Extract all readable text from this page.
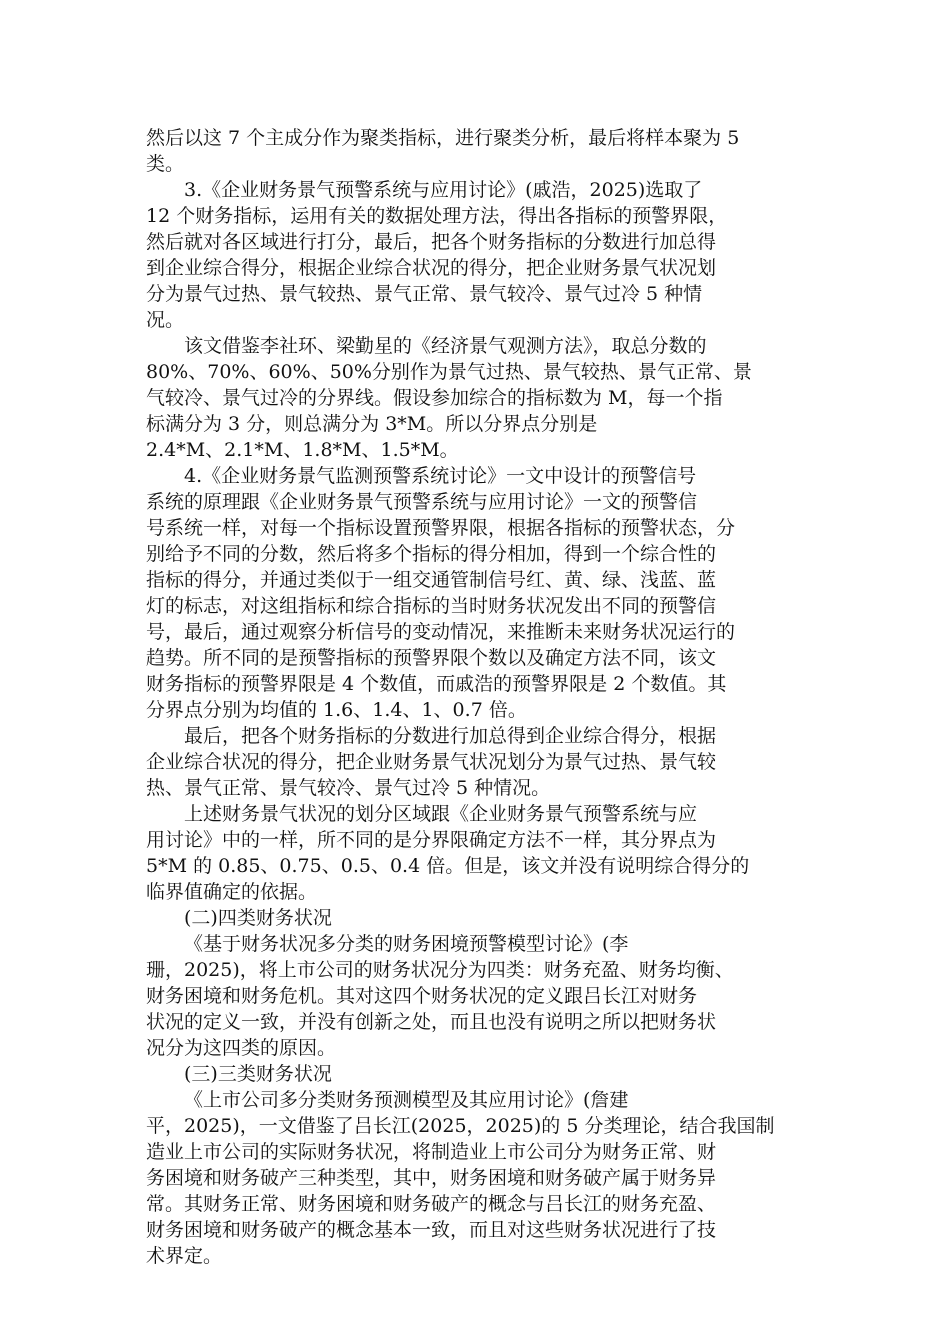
然后以这 7 个主成分作为聚类指标，进行聚类分析，最后将样本聚为 5
类。
3.《企业财务景气预警系统与应用讨论》(戚浩，2025)选取了
12 个财务指标，运用有关的数据处理方法，得出各指标的预警界限，
然后就对各区域进行打分，最后，把各个财务指标的分数进行加总得
到企业综合得分，根据企业综合状况的得分，把企业财务景气状况划
分为景气过热、景气较热、景气正常、景气较冷、景气过冷 5 种情
况。
该文借鉴李社环、梁勤星的《经济景气观测方法》，取总分数的
80%、70%、60%、50%分别作为景气过热、景气较热、景气正常、景
气较冷、景气过冷的分界线。假设参加综合的指标数为 M，每一个指
标满分为 3 分，则总满分为 3*M。所以分界点分别是
2.4*M、2.1*M、1.8*M、1.5*M。
4.《企业财务景气监测预警系统讨论》一文中设计的预警信号
系统的原理跟《企业财务景气预警系统与应用讨论》一文的预警信
号系统一样，对每一个指标设置预警界限，根据各指标的预警状态，分
别给予不同的分数，然后将多个指标的得分相加，得到一个综合性的
指标的得分，并通过类似于一组交通管制信号红、黄、绿、浅蓝、蓝
灯的标志，对这组指标和综合指标的当时财务状况发出不同的预警信
号，最后，通过观察分析信号的变动情况，来推断未来财务状况运行的
趋势。所不同的是预警指标的预警界限个数以及确定方法不同，该文
财务指标的预警界限是 4 个数值，而戚浩的预警界限是 2 个数值。其
分界点分别为均值的 1.6、1.4、1、0.7 倍。
最后，把各个财务指标的分数进行加总得到企业综合得分，根据
企业综合状况的得分，把企业财务景气状况划分为景气过热、景气较
热、景气正常、景气较冷、景气过冷 5 种情况。
上述财务景气状况的划分区域跟《企业财务景气预警系统与应
用讨论》中的一样，所不同的是分界限确定方法不一样，其分界点为
5*M 的 0.85、0.75、0.5、0.4 倍。但是，该文并没有说明综合得分的
临界值确定的依据。
(二)四类财务状况
《基于财务状况多分类的财务困境预警模型讨论》(李
珊，2025)，将上市公司的财务状况分为四类：财务充盈、财务均衡、
财务困境和财务危机。其对这四个财务状况的定义跟吕长江对财务
状况的定义一致，并没有创新之处，而且也没有说明之所以把财务状
况分为这四类的原因。
(三)三类财务状况
《上市公司多分类财务预测模型及其应用讨论》(詹建
平，2025)，一文借鉴了吕长江(2025，2025)的 5 分类理论，结合我国制
造业上市公司的实际财务状况，将制造业上市公司分为财务正常、财
务困境和财务破产三种类型，其中，财务困境和财务破产属于财务异
常。其财务正常、财务困境和财务破产的概念与吕长江的财务充盈、
财务困境和财务破产的概念基本一致，而且对这些财务状况进行了技
术界定。
